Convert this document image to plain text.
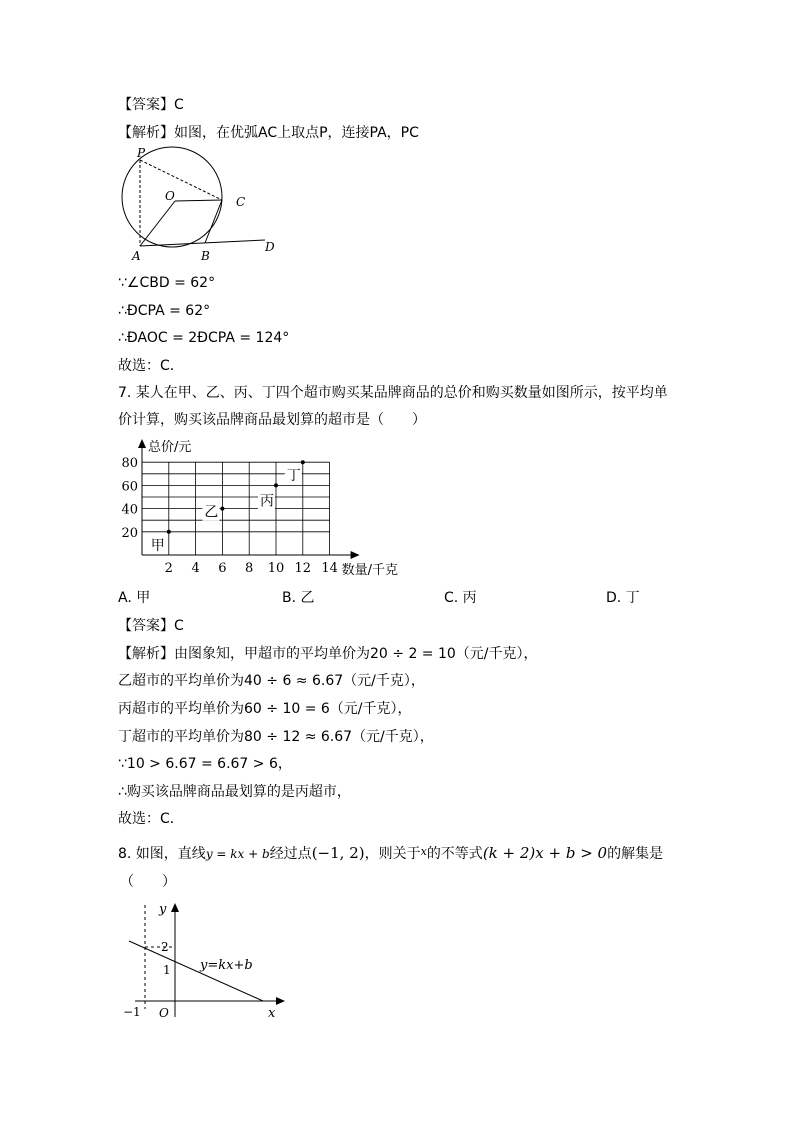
【答案】C
【解析】如图，在优弧AC上取点P，连接PA，PC
P
O	C
A	B
D
∵∠CBD = 62°
∴ÐCPA = 62°
∴ÐAOC = 2ÐCPA = 124°
故选：C．
7. 某人在甲、乙、丙、丁四个超市购买某品牌商品的总价和购买数量如图所示，按平均单
价计算，购买该品牌商品最划算的超市是（　　）
2 4 6 8 10 12 14
20
40
60
80
总价/元
数量/千克
甲
乙
丙
丁
A. 甲	B. 乙	C. 丙	D. 丁
【答案】C
【解析】由图象知，甲超市的平均单价为20 ÷ 2 = 10（元/千克），
乙超市的平均单价为40 ÷ 6 ≈ 6.67（元/千克），
丙超市的平均单价为60 ÷ 10 = 6（元/千克），
丁超市的平均单价为80 ÷ 12 ≈ 6.67（元/千克），
∵10 > 6.67 = 6.67 > 6，
∴购买该品牌商品最划算的是丙超市，
故选：C．
8. 如图，直线y = kx + b经过点(−1, 2)，则关于$^x$的不等式(k + 2)x + b > 0的解集是
（　　）
y
x
2
1
−1 O
y=kx+b
